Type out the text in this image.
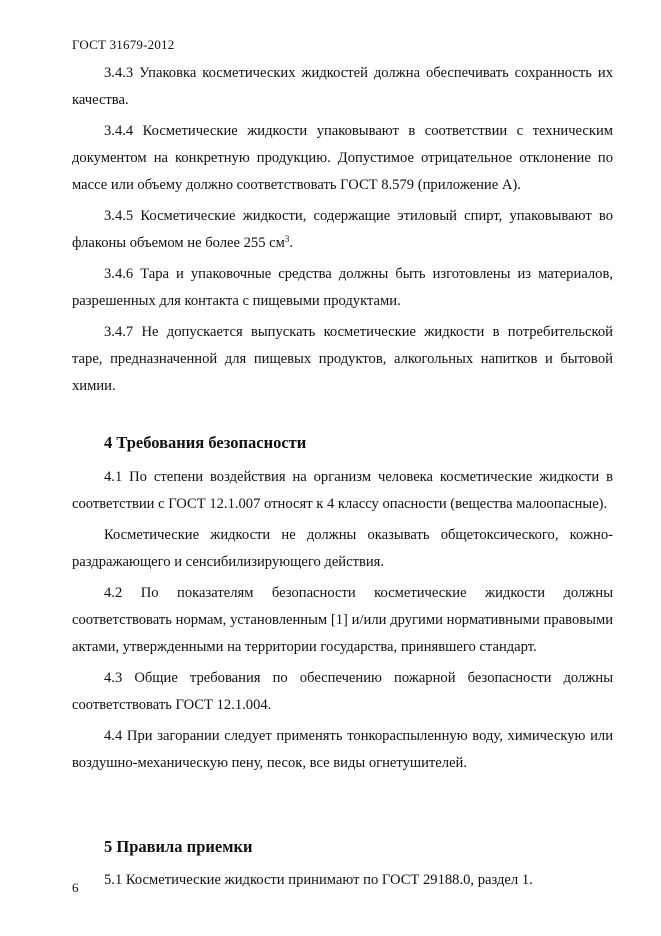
ГОСТ 31679-2012

3.4.3 Упаковка косметических жидкостей должна обеспечивать сохранность их качества.

3.4.4 Косметические жидкости упаковывают в соответствии с техническим документом на конкретную продукцию. Допустимое отрицательное отклонение по массе или объему должно соответствовать ГОСТ 8.579 (приложение А).

3.4.5 Косметические жидкости, содержащие этиловый спирт, упаковывают во флаконы объемом не более 255 $см^3$.

3.4.6 Тара и упаковочные средства должны быть изготовлены из материалов, разрешенных для контакта с пищевыми продуктами.

3.4.7 Не допускается выпускать косметические жидкости в потребительской таре, предназначенной для пищевых продуктов, алкогольных напитков и бытовой химии.

4 Требования безопасности

4.1 По степени воздействия на организм человека косметические жидкости в соответствии с ГОСТ 12.1.007 относят к 4 классу опасности (вещества малоопасные).

Косметические жидкости не должны оказывать общетоксического, кожно-раздражающего и сенсибилизирующего действия.

4.2 По показателям безопасности косметические жидкости должны соответствовать нормам, установленным [1] и/или другими нормативными правовыми актами, утвержденными на территории государства, принявшего стандарт.

4.3 Общие требования по обеспечению пожарной безопасности должны соответствовать ГОСТ 12.1.004.

4.4 При загорании следует применять тонкораспыленную воду, химическую или воздушно-механическую пену, песок, все виды огнетушителей.

5 Правила приемки

5.1 Косметические жидкости принимают по ГОСТ 29188.0, раздел 1.

6
